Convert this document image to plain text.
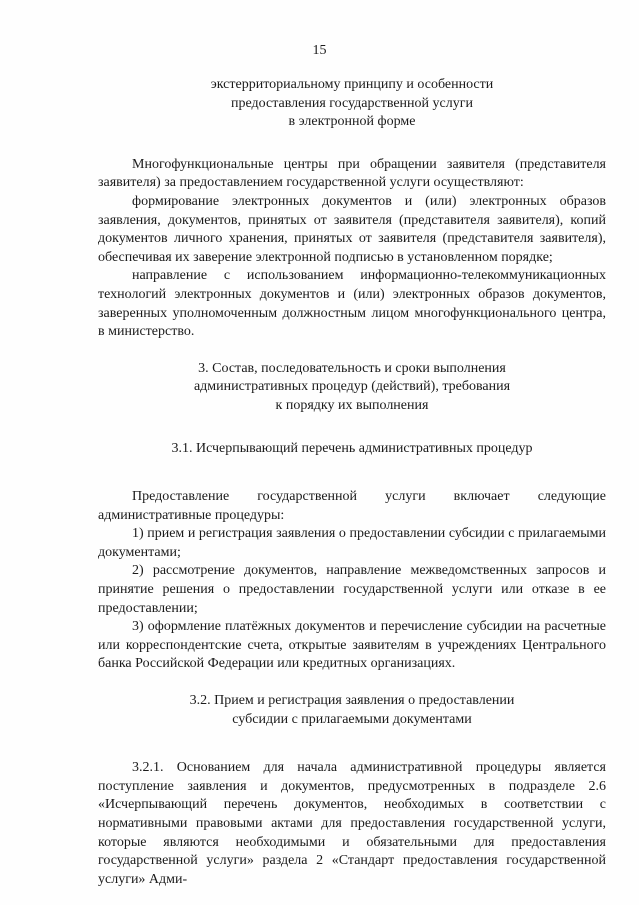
15

экстерриториальному принципу и особенности

предоставления государственной услуги

в электронной форме

Многофункциональные центры при обращении заявителя (представителя заявителя) за предоставлением государственной услуги осуществляют:

формирование электронных документов и (или) электронных образов заявления, документов, принятых от заявителя (представителя заявителя), копий документов личного хранения, принятых от заявителя (представителя заявителя), обеспечивая их заверение электронной подписью в установленном порядке;

направление с использованием информационно-телекоммуникационных технологий электронных документов и (или) электронных образов документов, заверенных уполномоченным должностным лицом многофункционального центра, в министерство.

3. Состав, последовательность и сроки выполнения

административных процедур (действий), требования

к порядку их выполнения

3.1. Исчерпывающий перечень административных процедур

Предоставление государственной услуги включает следующие административные процедуры:

1) прием и регистрация заявления о предоставлении субсидии с прилагаемыми документами;

2) рассмотрение документов, направление межведомственных запросов и принятие решения о предоставлении государственной услуги или отказе в ее предоставлении;

3) оформление платёжных документов и перечисление субсидии на расчетные или корреспондентские счета, открытые заявителям в учреждениях Центрального банка Российской Федерации или кредитных организациях.

3.2. Прием и регистрация заявления о предоставлении

субсидии с прилагаемыми документами

3.2.1. Основанием для начала административной процедуры является поступление заявления и документов, предусмотренных в подразделе 2.6 «Исчерпывающий перечень документов, необходимых в соответствии с нормативными правовыми актами для предоставления государственной услуги, которые являются необходимыми и обязательными для предоставления государственной услуги» раздела 2 «Стандарт предоставления государственной услуги» Адми-
